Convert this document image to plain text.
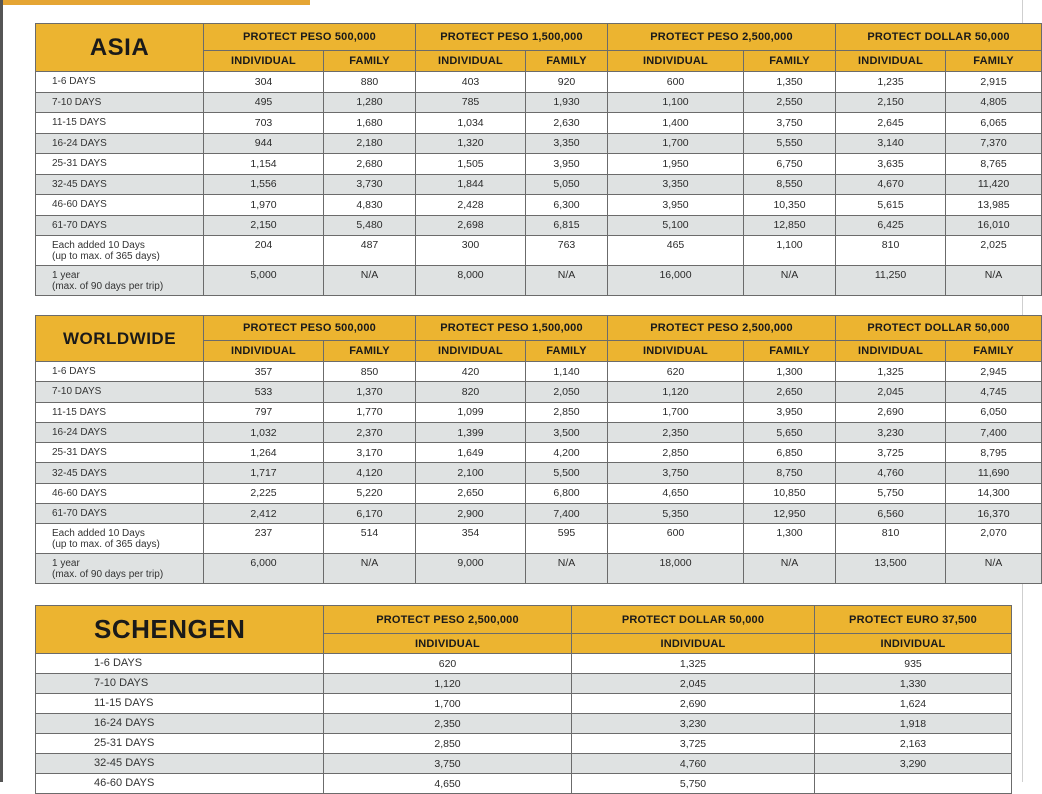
ASIA	PROTECT PESO 500,000		PROTECT PESO 1,500,000		PROTECT PESO 2,500,000		PROTECT DOLLAR 50,000	
	INDIVIDUAL	FAMILY	INDIVIDUAL	FAMILY	INDIVIDUAL	FAMILY	INDIVIDUAL	FAMILY

1-6 DAYS	304	880	403	920	600	1,350	1,235	2,915

7-10 DAYS	495	1,280	785	1,930	1,100	2,550	2,150	4,805

11-15 DAYS	703	1,680	1,034	2,630	1,400	3,750	2,645	6,065

16-24 DAYS	944	2,180	1,320	3,350	1,700	5,550	3,140	7,370

25-31 DAYS	1,154	2,680	1,505	3,950	1,950	6,750	3,635	8,765

32-45 DAYS	1,556	3,730	1,844	5,050	3,350	8,550	4,670	11,420

46-60 DAYS	1,970	4,830	2,428	6,300	3,950	10,350	5,615	13,985

61-70 DAYS	2,150	5,480	2,698	6,815	5,100	12,850	6,425	16,010

Each added 10 Days
(up to max. of 365 days)	204	487	300	763	465	1,100	810	2,025

1 year
(max. of 90 days per trip)	5,000	N/A	8,000	N/A	16,000	N/A	11,250	N/A
WORLDWIDE	PROTECT PESO 500,000		PROTECT PESO 1,500,000		PROTECT PESO 2,500,000		PROTECT DOLLAR 50,000	
	INDIVIDUAL	FAMILY	INDIVIDUAL	FAMILY	INDIVIDUAL	FAMILY	INDIVIDUAL	FAMILY

1-6 DAYS	357	850	420	1,140	620	1,300	1,325	2,945

7-10 DAYS	533	1,370	820	2,050	1,120	2,650	2,045	4,745

11-15 DAYS	797	1,770	1,099	2,850	1,700	3,950	2,690	6,050

16-24 DAYS	1,032	2,370	1,399	3,500	2,350	5,650	3,230	7,400

25-31 DAYS	1,264	3,170	1,649	4,200	2,850	6,850	3,725	8,795

32-45 DAYS	1,717	4,120	2,100	5,500	3,750	8,750	4,760	11,690

46-60 DAYS	2,225	5,220	2,650	6,800	4,650	10,850	5,750	14,300

61-70 DAYS	2,412	6,170	2,900	7,400	5,350	12,950	6,560	16,370

Each added 10 Days
(up to max. of 365 days)	237	514	354	595	600	1,300	810	2,070

1 year
(max. of 90 days per trip)	6,000	N/A	9,000	N/A	18,000	N/A	13,500	N/A
SCHENGEN	PROTECT PESO 2,500,000	PROTECT DOLLAR 50,000	PROTECT EURO 37,500
	INDIVIDUAL	INDIVIDUAL	INDIVIDUAL

1-6 DAYS	620	1,325	935

7-10 DAYS	1,120	2,045	1,330

11-15 DAYS	1,700	2,690	1,624

16-24 DAYS	2,350	3,230	1,918

25-31 DAYS	2,850	3,725	2,163

32-45 DAYS	3,750	4,760	3,290

46-60 DAYS	4,650	5,750	
